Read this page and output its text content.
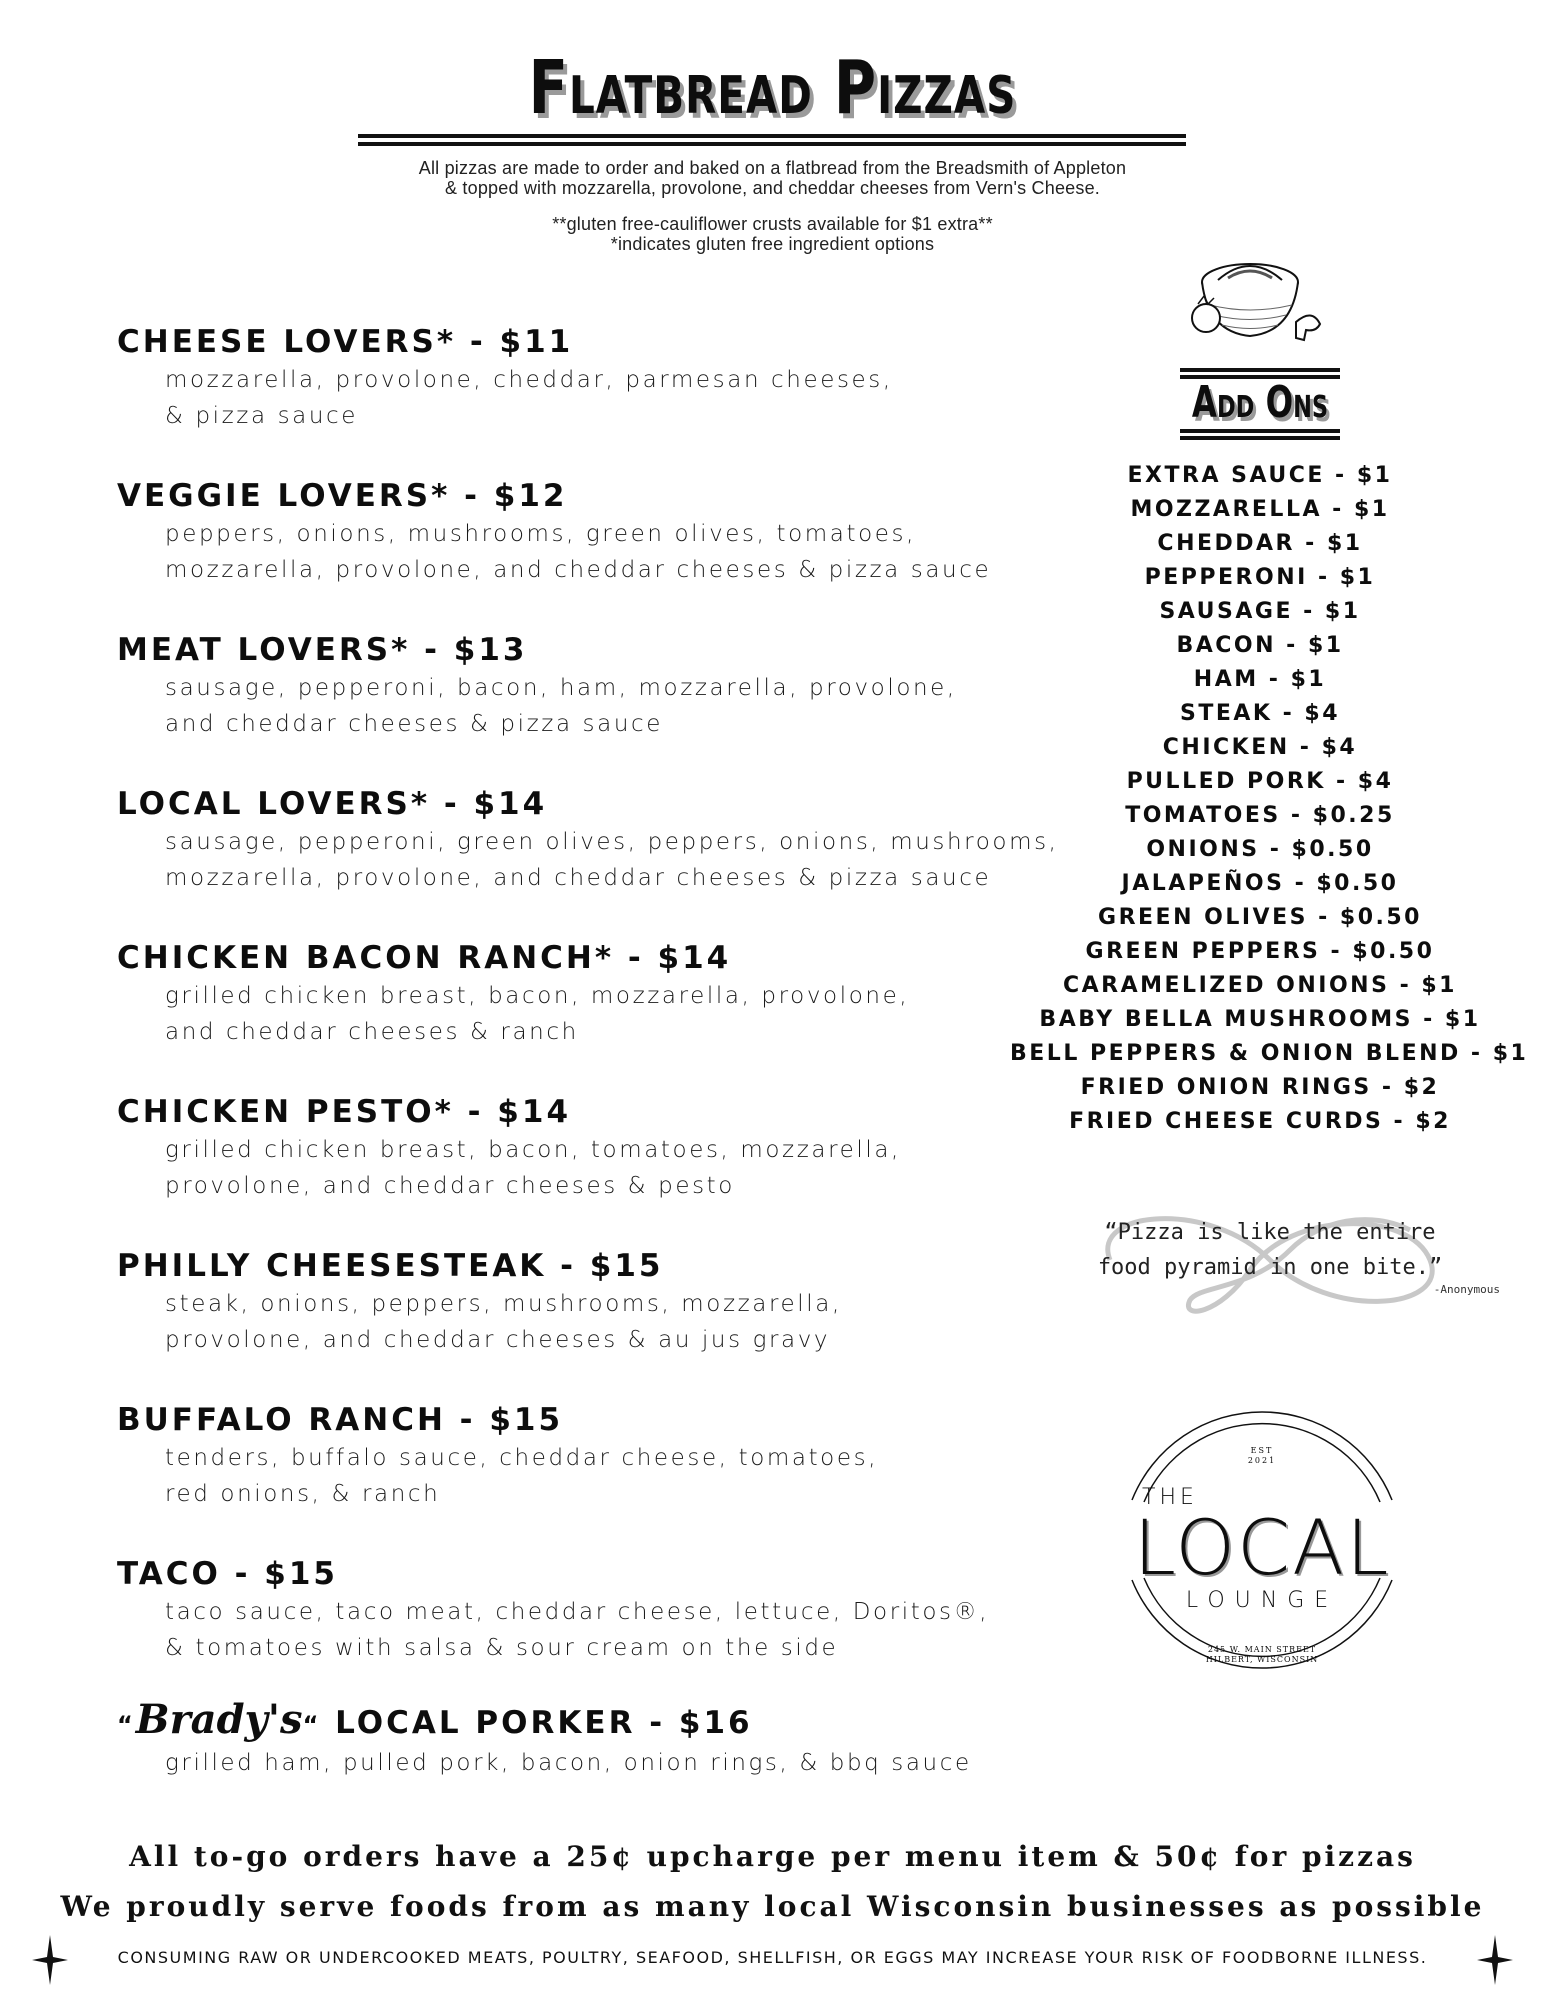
Flatbread Pizzas
All pizzas are made to order and baked on a flatbread from the Breadsmith of Appleton
& topped with mozzarella, provolone, and cheddar cheeses from Vern's Cheese.
**gluten free-cauliflower crusts available for $1 extra**
*indicates gluten free ingredient options
CHEESE LOVERS* - $11
mozzarella, provolone, cheddar, parmesan cheeses,
& pizza sauce
VEGGIE LOVERS* - $12
peppers, onions, mushrooms, green olives, tomatoes,
mozzarella, provolone, and cheddar cheeses & pizza sauce
MEAT LOVERS* - $13
sausage, pepperoni, bacon, ham, mozzarella, provolone,
and cheddar cheeses & pizza sauce
LOCAL LOVERS* - $14
sausage, pepperoni, green olives, peppers, onions, mushrooms,
mozzarella, provolone, and cheddar cheeses & pizza sauce
CHICKEN BACON RANCH* - $14
grilled chicken breast, bacon, mozzarella, provolone,
and cheddar cheeses & ranch
CHICKEN PESTO* - $14
grilled chicken breast, bacon, tomatoes, mozzarella,
provolone, and cheddar cheeses & pesto
PHILLY CHEESESTEAK - $15
steak, onions, peppers, mushrooms, mozzarella,
provolone, and cheddar cheeses & au jus gravy
BUFFALO RANCH - $15
tenders, buffalo sauce, cheddar cheese, tomatoes,
red onions, & ranch
TACO - $15
taco sauce, taco meat, cheddar cheese, lettuce, Doritos®,
& tomatoes with salsa & sour cream on the side
“Brady's“ LOCAL PORKER - $16
grilled ham, pulled pork, bacon, onion rings, & bbq sauce
Add Ons
EXTRA SAUCE - $1
MOZZARELLA - $1
CHEDDAR - $1
PEPPERONI - $1
SAUSAGE - $1
BACON - $1
HAM - $1
STEAK - $4
CHICKEN - $4
PULLED PORK - $4
TOMATOES - $0.25
ONIONS - $0.50
JALAPEÑOS - $0.50
GREEN OLIVES - $0.50
GREEN PEPPERS - $0.50
CARAMELIZED ONIONS - $1
BABY BELLA MUSHROOMS - $1
BELL PEPPERS & ONION BLEND - $1
FRIED ONION RINGS - $2
FRIED CHEESE CURDS - $2
“Pizza is like the entire
food pyramid in one bite.”
-Anonymous
EST
2021
THE
LOCAL
LOUNGE
245 W. MAIN STREET
HILBERT, WISCONSIN
All to-go orders have a 25¢ upcharge per menu item & 50¢ for pizzas
We proudly serve foods from as many local Wisconsin businesses as possible
CONSUMING RAW OR UNDERCOOKED MEATS, POULTRY, SEAFOOD, SHELLFISH, OR EGGS MAY INCREASE YOUR RISK OF FOODBORNE ILLNESS.
